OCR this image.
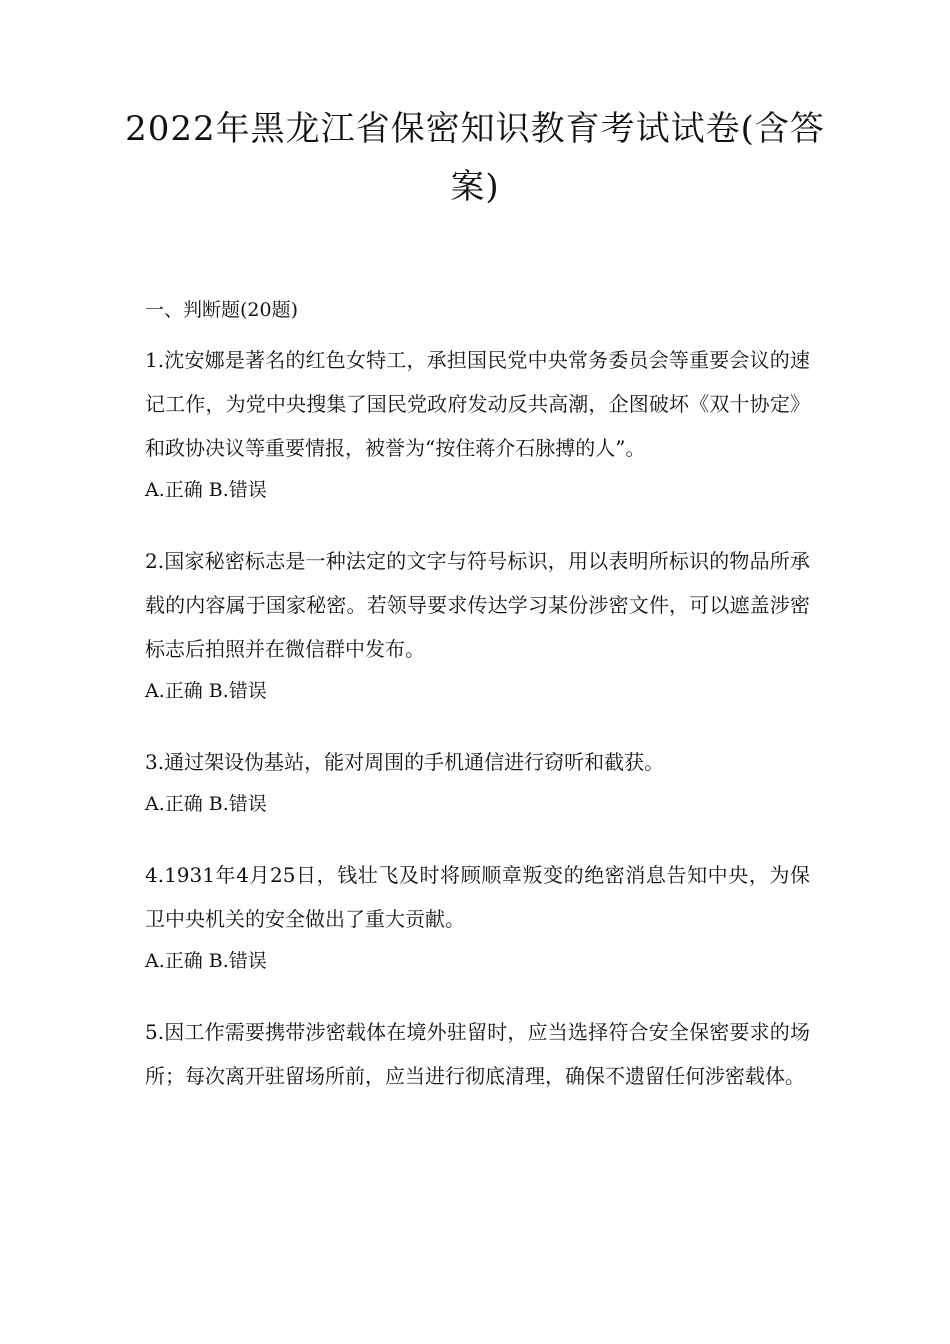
2022年黑龙江省保密知识教育考试试卷(含答案)

一、判断题(20题)

1.沈安娜是著名的红色女特工，承担国民党中央常务委员会等重要会议的速记工作，为党中央搜集了国民党政府发动反共高潮，企图破坏《双十协定》和政协决议等重要情报，被誉为“按住蒋介石脉搏的人”。

A.正确 B.错误

2.国家秘密标志是一种法定的文字与符号标识，用以表明所标识的物品所承载的内容属于国家秘密。若领导要求传达学习某份涉密文件，可以遮盖涉密标志后拍照并在微信群中发布。

A.正确 B.错误

3.通过架设伪基站，能对周围的手机通信进行窃听和截获。

A.正确 B.错误

4.1931年4月25日，钱壮飞及时将顾顺章叛变的绝密消息告知中央，为保卫中央机关的安全做出了重大贡献。

A.正确 B.错误

5.因工作需要携带涉密载体在境外驻留时，应当选择符合安全保密要求的场所；每次离开驻留场所前，应当进行彻底清理，确保不遗留任何涉密载体。
